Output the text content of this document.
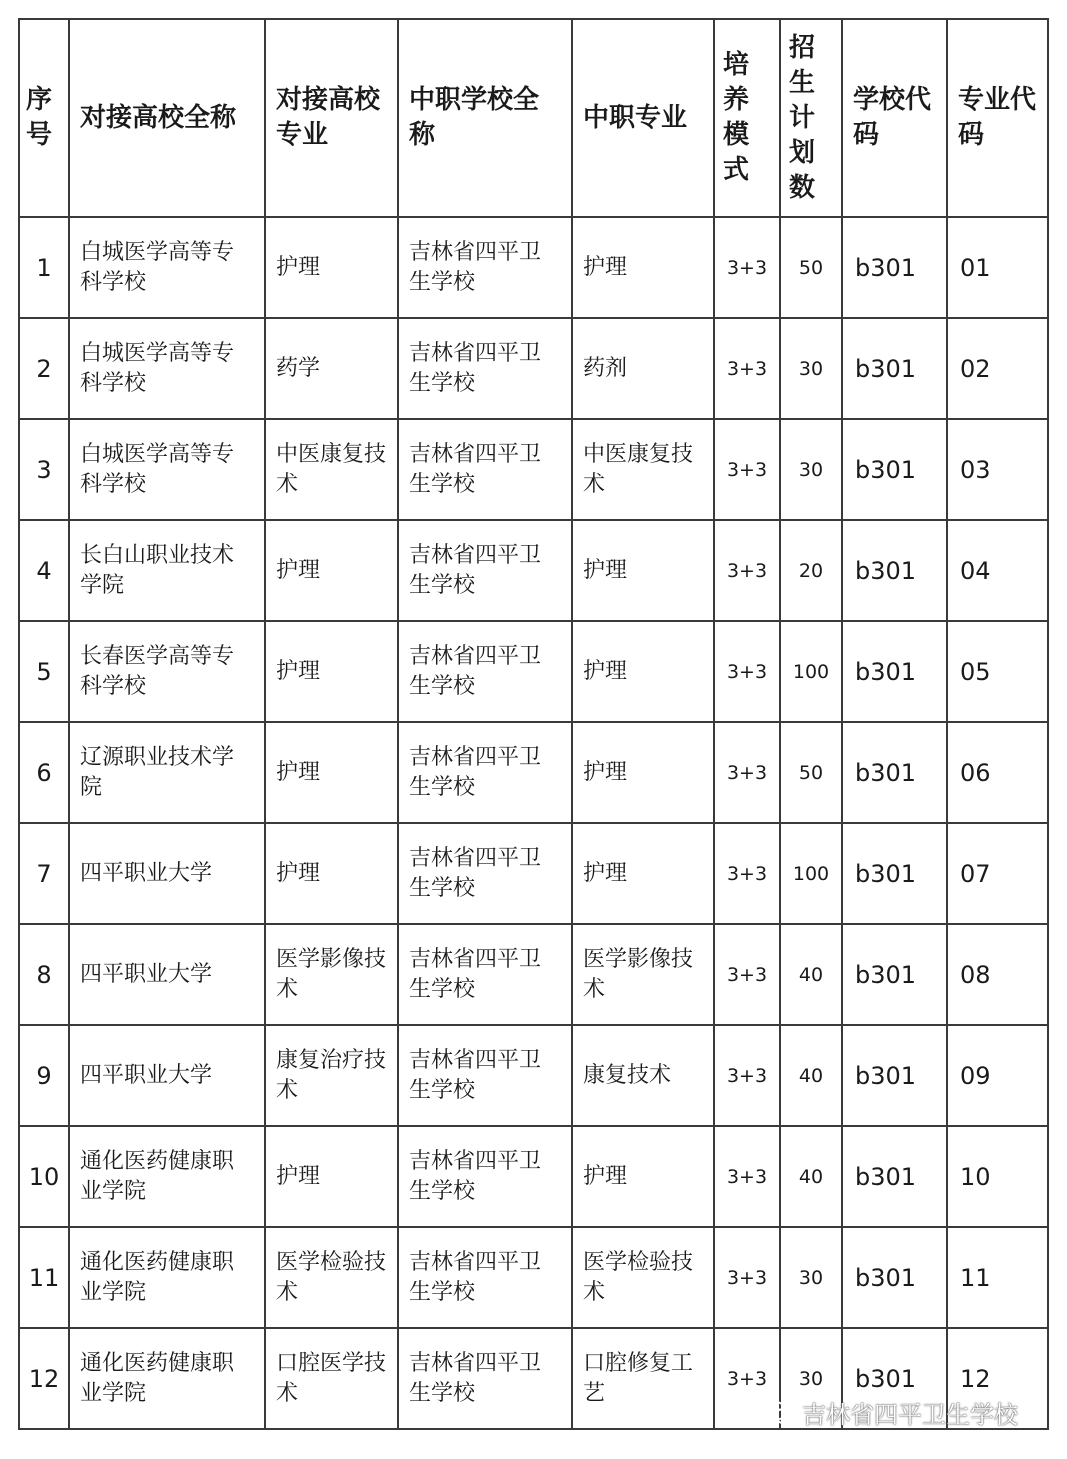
序号	对接高校全称	对接高校专业	中职学校全称	中职专业	培养模式	招生计划数	学校代码	专业代码
1	白城医学高等专科学校	护理	吉林省四平卫生学校	护理	3+3	50	b301	01
2	白城医学高等专科学校	药学	吉林省四平卫生学校	药剂	3+3	30	b301	02
3	白城医学高等专科学校	中医康复技术	吉林省四平卫生学校	中医康复技术	3+3	30	b301	03
4	长白山职业技术学院	护理	吉林省四平卫生学校	护理	3+3	20	b301	04
5	长春医学高等专科学校	护理	吉林省四平卫生学校	护理	3+3	100	b301	05
6	辽源职业技术学院	护理	吉林省四平卫生学校	护理	3+3	50	b301	06
7	四平职业大学	护理	吉林省四平卫生学校	护理	3+3	100	b301	07
8	四平职业大学	医学影像技术	吉林省四平卫生学校	医学影像技术	3+3	40	b301	08
9	四平职业大学	康复治疗技术	吉林省四平卫生学校	康复技术	3+3	40	b301	09
10	通化医药健康职业学院	护理	吉林省四平卫生学校	护理	3+3	40	b301	10
11	通化医药健康职业学院	医学检验技术	吉林省四平卫生学校	医学检验技术	3+3	30	b301	11
12	通化医药健康职业学院	口腔医学技术	吉林省四平卫生学校	口腔修复工艺	3+3	30	b301	12
吉林省四平卫生学校
